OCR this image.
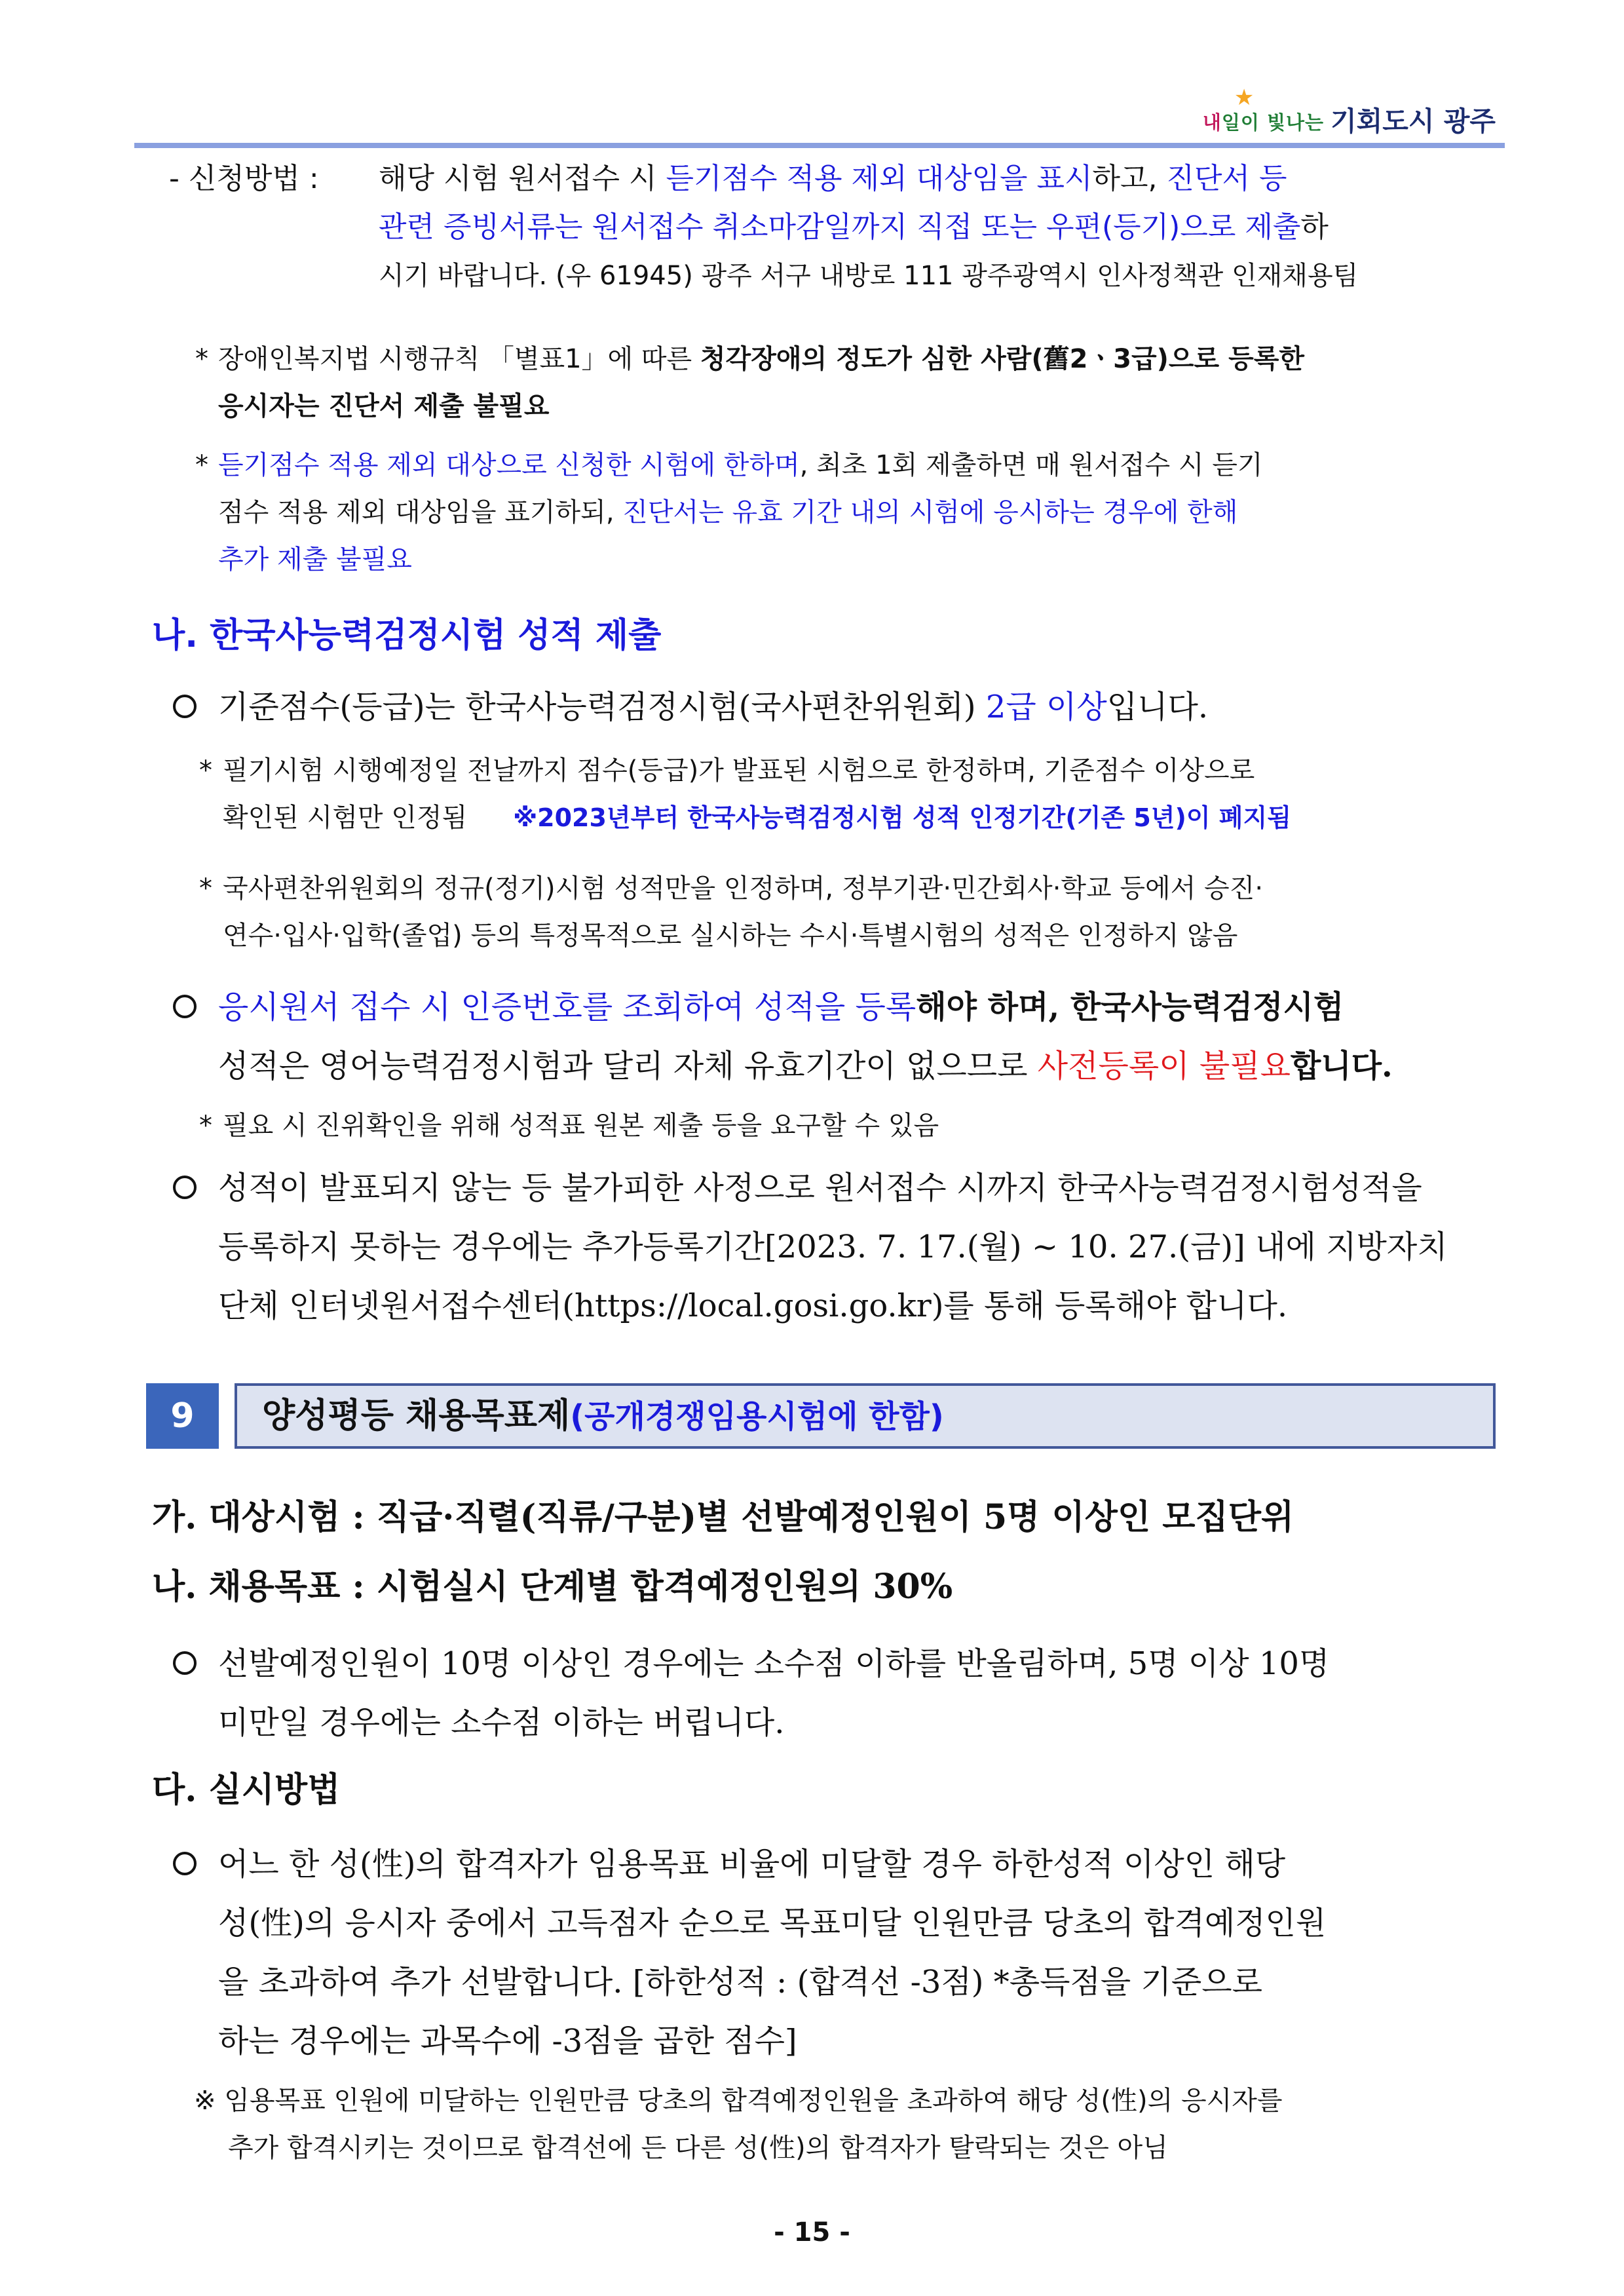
★
내일이 빛나는 기회도시 광주
- 신청방법 : 해당 시험 원서접수 시 듣기점수 적용 제외 대상임을 표시하고, 진단서 등
관련 증빙서류는 원서접수 취소마감일까지 직접 또는 우편(등기)으로 제출하
시기 바랍니다. (우 61945) 광주 서구 내방로 111 광주광역시 인사정책관 인재채용팀
* 장애인복지법 시행규칙 「별표1」에 따른 청각장애의 정도가 심한 사람(舊2ㆍ3급)으로 등록한
응시자는 진단서 제출 불필요
* 듣기점수 적용 제외 대상으로 신청한 시험에 한하며, 최초 1회 제출하면 매 원서접수 시 듣기
점수 적용 제외 대상임을 표기하되, 진단서는 유효 기간 내의 시험에 응시하는 경우에 한해
추가 제출 불필요
나. 한국사능력검정시험 성적 제출
기준점수(등급)는 한국사능력검정시험(국사편찬위원회) 2급 이상입니다.
* 필기시험 시행예정일 전날까지 점수(등급)가 발표된 시험으로 한정하며, 기준점수 이상으로
확인된 시험만 인정됨 ※2023년부터 한국사능력검정시험 성적 인정기간(기존 5년)이 폐지됨
* 국사편찬위원회의 정규(정기)시험 성적만을 인정하며, 정부기관·민간회사·학교 등에서 승진·
연수·입사·입학(졸업) 등의 특정목적으로 실시하는 수시·특별시험의 성적은 인정하지 않음
응시원서 접수 시 인증번호를 조회하여 성적을 등록해야 하며, 한국사능력검정시험
성적은 영어능력검정시험과 달리 자체 유효기간이 없으므로 사전등록이 불필요합니다.
* 필요 시 진위확인을 위해 성적표 원본 제출 등을 요구할 수 있음
성적이 발표되지 않는 등 불가피한 사정으로 원서접수 시까지 한국사능력검정시험성적을
등록하지 못하는 경우에는 추가등록기간[2023. 7. 17.(월) ~ 10. 27.(금)] 내에 지방자치
단체 인터넷원서접수센터(https://local.gosi.go.kr)를 통해 등록해야 합니다.
9	양성평등 채용목표제(공개경쟁임용시험에 한함)
가. 대상시험 : 직급·직렬(직류/구분)별 선발예정인원이 5명 이상인 모집단위
나. 채용목표 : 시험실시 단계별 합격예정인원의 30%
선발예정인원이 10명 이상인 경우에는 소수점 이하를 반올림하며, 5명 이상 10명
미만일 경우에는 소수점 이하는 버립니다.
다. 실시방법
어느 한 성(性)의 합격자가 임용목표 비율에 미달할 경우 하한성적 이상인 해당
성(性)의 응시자 중에서 고득점자 순으로 목표미달 인원만큼 당초의 합격예정인원
을 초과하여 추가 선발합니다. [하한성적 : (합격선 -3점) *총득점을 기준으로
하는 경우에는 과목수에 -3점을 곱한 점수]
※ 임용목표 인원에 미달하는 인원만큼 당초의 합격예정인원을 초과하여 해당 성(性)의 응시자를
추가 합격시키는 것이므로 합격선에 든 다른 성(性)의 합격자가 탈락되는 것은 아님
- 15 -
